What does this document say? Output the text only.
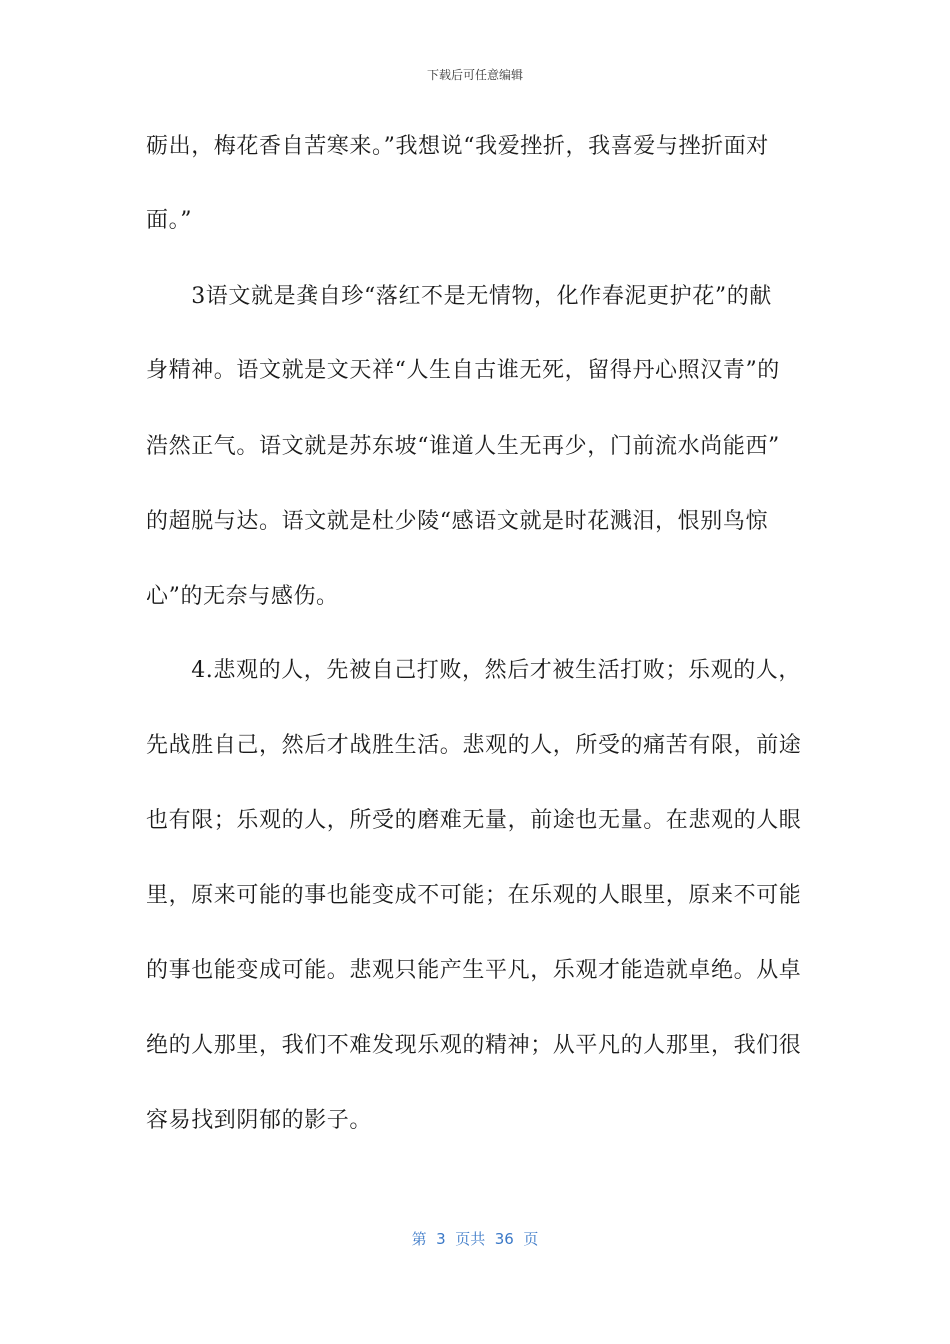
下载后可任意编辑
砺出，梅花香自苦寒来。”我想说“我爱挫折，我喜爱与挫折面对
面。”
　　3语文就是龚自珍“落红不是无情物，化作春泥更护花”的献
身精神。语文就是文天祥“人生自古谁无死，留得丹心照汉青”的
浩然正气。语文就是苏东坡“谁道人生无再少，门前流水尚能西”
的超脱与达。语文就是杜少陵“感语文就是时花溅泪，恨别鸟惊
心”的无奈与感伤。
　　4.悲观的人，先被自己打败，然后才被生活打败；乐观的人，
先战胜自己，然后才战胜生活。悲观的人，所受的痛苦有限，前途
也有限；乐观的人，所受的磨难无量，前途也无量。在悲观的人眼
里，原来可能的事也能变成不可能；在乐观的人眼里，原来不可能
的事也能变成可能。悲观只能产生平凡，乐观才能造就卓绝。从卓
绝的人那里，我们不难发现乐观的精神；从平凡的人那里，我们很
容易找到阴郁的影子。
第  3  页共  36  页
